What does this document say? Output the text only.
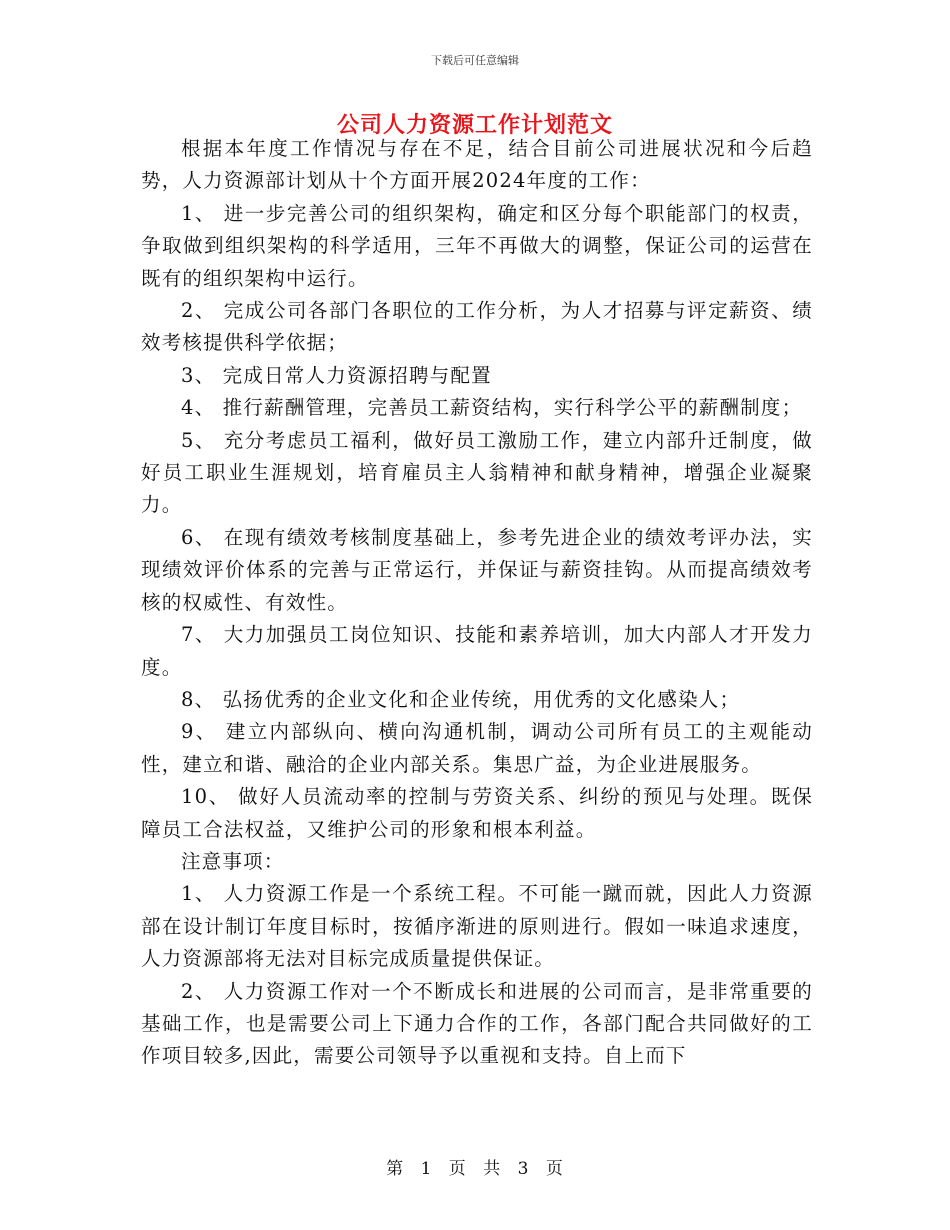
下载后可任意编辑
公司人力资源工作计划范文

根据本年度工作情况与存在不足，结合目前公司进展状况和今后趋势，人力资源部计划从十个方面开展2024年度的工作：

1、 进一步完善公司的组织架构，确定和区分每个职能部门的权责，争取做到组织架构的科学适用，三年不再做大的调整，保证公司的运营在既有的组织架构中运行。

2、 完成公司各部门各职位的工作分析，为人才招募与评定薪资、绩效考核提供科学依据；

3、 完成日常人力资源招聘与配置

4、 推行薪酬管理，完善员工薪资结构，实行科学公平的薪酬制度；

5、 充分考虑员工福利，做好员工激励工作，建立内部升迁制度，做好员工职业生涯规划，培育雇员主人翁精神和献身精神，增强企业凝聚力。

6、 在现有绩效考核制度基础上，参考先进企业的绩效考评办法，实现绩效评价体系的完善与正常运行，并保证与薪资挂钩。从而提高绩效考核的权威性、有效性。

7、 大力加强员工岗位知识、技能和素养培训，加大内部人才开发力度。

8、 弘扬优秀的企业文化和企业传统，用优秀的文化感染人；

9、 建立内部纵向、横向沟通机制，调动公司所有员工的主观能动性，建立和谐、融洽的企业内部关系。集思广益，为企业进展服务。

10、 做好人员流动率的控制与劳资关系、纠纷的预见与处理。既保障员工合法权益，又维护公司的形象和根本利益。

注意事项：

1、 人力资源工作是一个系统工程。不可能一蹴而就，因此人力资源部在设计制订年度目标时，按循序渐进的原则进行。假如一味追求速度，人力资源部将无法对目标完成质量提供保证。

2、 人力资源工作对一个不断成长和进展的公司而言，是非常重要的基础工作，也是需要公司上下通力合作的工作，各部门配合共同做好的工作项目较多,因此，需要公司领导予以重视和支持。自上而下

第 1 页 共 3 页
